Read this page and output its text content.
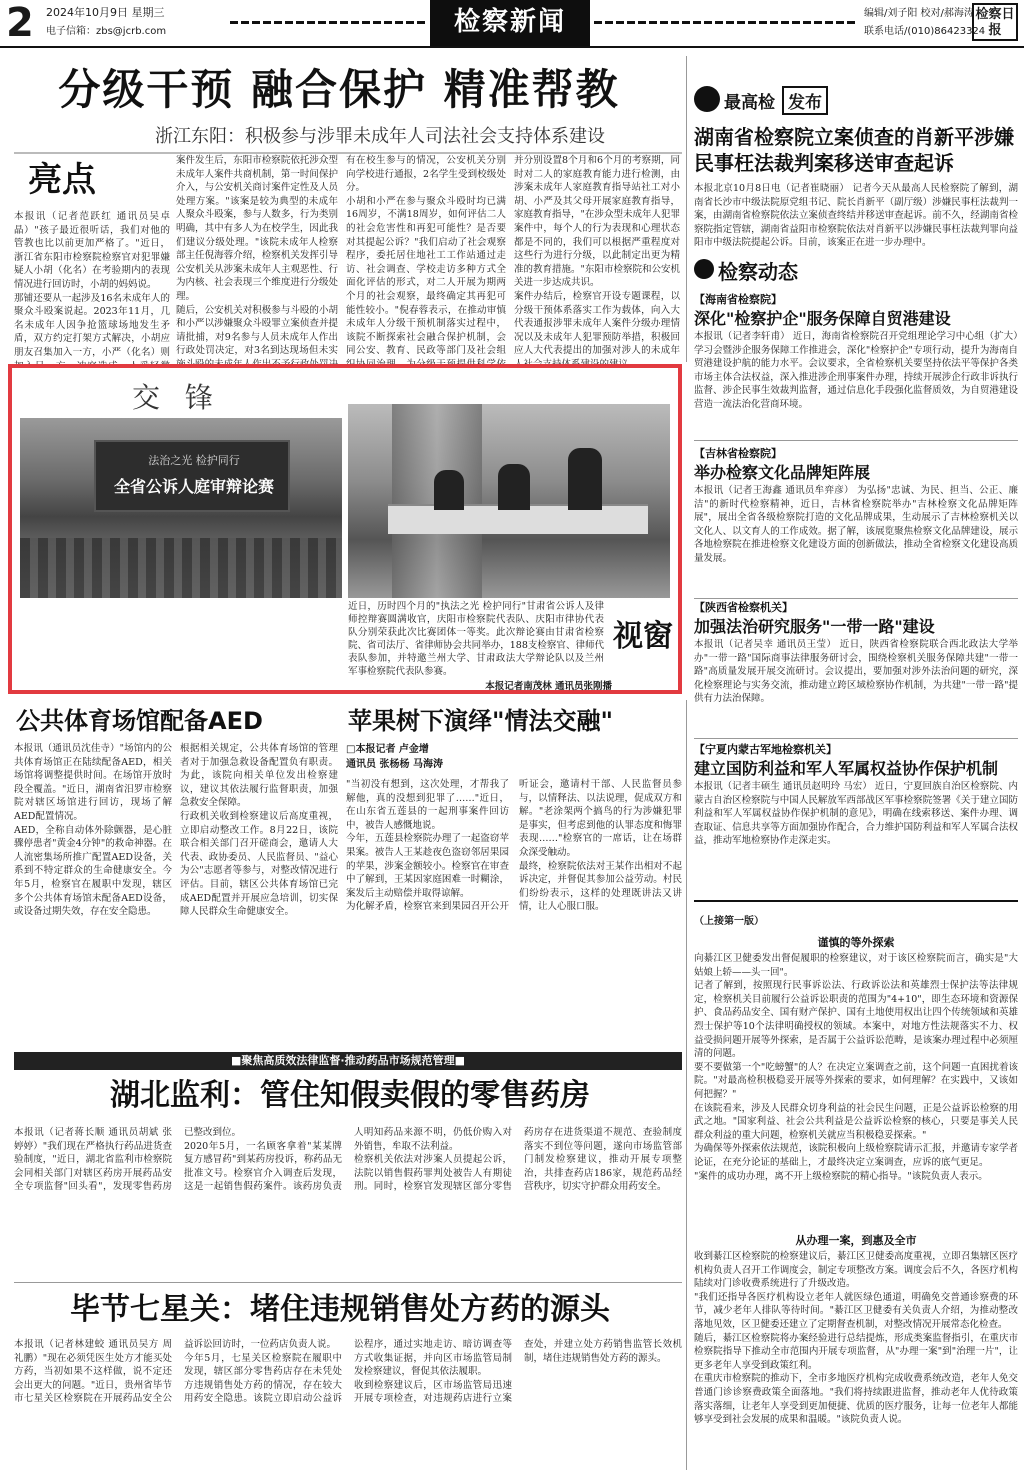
2 2024年10月9日 星期三
电子信箱：zbs@jcrb.com	检察新闻	编辑/刘子阳 校对/郝海涛
联系电话/(010)86423324
检察日报
分级干预 融合保护 精准帮教
浙江东阳：积极参与涉罪未成年人司法社会支持体系建设
亮点
本报讯（记者范跃红 通讯员吴卓晶）"孩子最近很听话，我们对他的管教也比以前更加严格了。"近日，浙江省东阳市检察院检察官对犯罪嫌疑人小胡（化名）在考验期内的表现情况进行回访时，小胡的妈妈说。
那铺还要从一起涉及16名未成年人的聚众斗殴案说起。2023年11月，几名未成年人因争抢篮球场地发生矛盾，双方约定打架方式解决，小胡应朋友召集加入一方，小严（化名）则
案件发生后，东阳市检察院依托涉众型未成年人案件共商机制，第一时间保护介入，与公安机关商讨案件定性及人员处理方案。"该案是较为典型的未成年人聚众斗殴案，参与人数多，行为类别明确，其中有多人为在校学生，因此我们建议分级处理。"该院未成年人检察部主任倪海蓉介绍，检察机关发挥引导公安机关从涉案未成年人主观恶性、行为内核、社会表现三个维度进行分级处理。
随后，公安机关对积极参与斗殴的小胡和小严以涉嫌聚众斗殴罪立案侦查并提请批捕，对9名参与人员未成年人作出行政处罚决定，对3名到达现场但未实
有在校生参与的情况，公安机关分别向学校进行通报，2名学生受到校级处分。
小胡和小严在参与聚众斗殴时均已满16周岁，不满18周岁，如何评估二人的社会危害性和再犯可能性？是否要对其提起公诉？"我们启动了社会观察程序，委托居住地社工工作站通过走访、社会调查、学校走访多种方式全面化评估的形式，对二人开展为期两个月的社会观察，最终确定其再犯可能性较小。"倪春蓉表示，在推动审慎未成年人分级干预机制落实过程中，该院不断探索社会融合保护机制，会同公安、教育、民政等部门及社会组

并分别设置8个月和6个月的考察期，同时对二人的家庭教育能力进行检测，由涉案未成年人家庭教育指导站社工对小胡、小严及其父母开展家庭教育指导，家庭教育指导，"在涉众型未成年人犯罪案件中，每个人的行为表现和心理状态都是不同的，我们可以根据严重程度对这些行为进行分级，以此制定出更为精准的教育措施。"东阳市检察院和公安机关进一步达成共识。
案件办结后，检察官开设专题课程，以分级干预体系落实工作为载体，向入大代表通报涉罪未成年人案件分级办理情况以及未成年人犯罪预防举措，积极回应人大代表提出的加强对涉人的未成年
最高检 发布
湖南省检察院立案侦查的肖新平涉嫌民事枉法裁判案移送审查起诉
本报北京10月8日电（记者崔晓丽） 记者今天从最高人民检察院了解到，湖南省长沙市中级法院原党组书记、院长肖新平（副厅级）涉嫌民事枉法裁判一案，由湖南省检察院依法立案侦查终结并移送审查起诉。前不久，经湖南省检察院指定管辖，湖南省益阳市检察院依法对肖新平以涉嫌民事枉法裁判罪向益阳市中级法院提起公诉。目前，该案正在进一步办理中。
检察动态
【海南省检察院】
深化"检察护企"服务保障自贸港建设
本报讯（记者李轩甫） 近日，海南省检察院召开党组理论学习中心组（扩大）学习会暨涉企服务保障工作推进会，深化"检察护企"专项行动，提升为海南自贸港建设护航的能力水平。会议要求，全省检察机关要坚持依法平等保护各类市场主体合法权益，深入推进涉企刑事案件办理，持续开展涉企行政非诉执行监督、涉企民事生效裁判监督，通过信息化手段强化监督质效，为自贸港建设营造一流法治化营商环境。
【吉林省检察院】
举办检察文化品牌矩阵展
本报讯（记者王海鑫 通讯员牟弈彦） 为弘扬"忠诚、为民、担当、公正、廉洁"的新时代检察精神，近日，吉林省检察院举办"吉林检察文化品牌矩阵展"，展出全省各级检察院打造的文化品牌成果，生动展示了吉林检察机关以文化人、以文育人的工作成效。据了解，该展览聚焦检察文化品牌建设，展示各地检察院在推进检察文化建设方面的创新做法，推动全省检察文化建设高质量发展。
【陕西省检察机关】
加强法治研究服务"一带一路"建设
本报讯（记者吴幸 通讯员王莹） 近日，陕西省检察院联合西北政法大学举办"一带一路"国际商事法律服务研讨会，围绕检察机关服务保障共建"一带一路"高质量发展开展交流研讨。会议提出，要加强对涉外法治问题的研究，深化检察理论与实务交流，推动建立跨区域检察协作机制，为共建"一带一路"提供有力法治保障。
【宁夏内蒙古军地检察机关】
建立国防利益和军人军属权益协作保护机制
本报讯（记者丰硕生 通讯员赵明玲 马宏） 近日，宁夏回族自治区检察院、内蒙古自治区检察院与中国人民解放军西部战区军事检察院签署《关于建立国防利益和军人军属权益协作保护机制的意见》，明确在线索移送、案件办理、调查取证、信息共享等方面加强协作配合，合力维护国防利益和军人军属合法权益，推动军地检察协作走深走实。
交 锋
法治之光 检护同行
全省公诉人庭审辩论赛
近日，历时四个月的"执法之光 检护同行"甘肃省公诉人及律师控辩赛圆满收官，庆阳市检察院代表队、庆阳市律协代表队分别荣获此次比赛团体一等奖。此次辩论赛由甘肃省检察院、省司法厅、省律师协会共同举办，188支检察官、律师代表队参加，并特邀兰州大学、甘肃政法大学辩论队以及兰州军事检察院代表队参赛。
本报记者南茂林 通讯员张刚播
视窗
公共体育场馆配备AED
本报讯（通讯员沈佳寺）"场馆内的公共体育场馆正在陆续配备AED，相关场馆将调整提供时间。在场馆开放时段全覆盖。"近日，湖南省汨罗市检察院对辖区场馆进行回访，现场了解AED配置情况。
AED，全称自动体外除颤器，是心脏骤停患者"黄金4分钟"的救命神器。在人流密集场所推广配置AED设备，关系到不特定群众的生命健康安全。今年5月，检察官在履职中发现，辖区多个公共体育场馆未配备AED设备，或设备过期失效，存在安全隐患。
根据相关规定，公共体育场馆的管理者对于加强急救设备配置负有职责。为此，该院向相关单位发出检察建议，建议其依法履行监督职责，加强急救安全保障。
行政机关收到检察建议后高度重视，立即启动整改工作。8月22日，该院联合相关部门召开磋商会，邀请人大代表、政协委员、人民监督员、"益心为公"志愿者等参与，对整改情况进行评估。目前，辖区公共体育场馆已完成AED配置并开展应急培训，切实保障人民群众生命健康安全。
苹果树下演绎"情法交融"
□本报记者 卢金增
通讯员 张杨杨 马海涛
"当初没有想到，这次处理，才帮我了解他，真的没想到犯罪了……"近日，在山东省五莲县的一起刑事案件回访中，被告人感慨地说。
今年，五莲县检察院办理了一起盗窃苹果案。被告人王某趁夜色盗窃邻居果园的苹果，涉案金额较小。检察官在审查中了解到，王某因家庭困难一时糊涂，案发后主动赔偿并取得谅解。
为化解矛盾，检察官来到果园召开公开听证会，邀请村干部、人民监督员参与，以情释法、以法说理，促成双方和解。"老涂架两个搞鸟的行为涉嫌犯罪是事实，但考虑到他的认罪态度和悔罪表现……"检察官的一席话，让在场群众深受触动。
最终，检察院依法对王某作出相对不起诉决定，并督促其参加公益劳动。村民们纷纷表示，这样的处理既讲法又讲情，让人心服口服。
■聚焦高质效法律监督·推动药品市场规范管理■
湖北监利：管住知假卖假的零售药房
本报讯（记者蒋长顺 通讯员胡斌 张婷婷）"我们现在严格执行药品进货查验制度，"近日，湖北省监利市检察院会同相关部门对辖区药房开展药品安全专项监督"回头看"，发现零售药房已整改到位。
2020年5月，一名顾客拿着"某某牌复方感冒药"到某药房投诉，称药品无批准文号。检察官介入调查后发现，这是一起销售假药案件。该药房负责人明知药品来源不明，仍低价购入对外销售，牟取不法利益。
检察机关依法对涉案人员提起公诉，法院以销售假药罪判处被告人有期徒刑。同时，检察官发现辖区部分零售药房存在进货渠道不规范、查验制度落实不到位等问题，遂向市场监管部门制发检察建议，推动开展专项整治，共排查药店186家，规范药品经营秩序，切实守护群众用药安全。
毕节七星关：堵住违规销售处方药的源头
本报讯（记者林建蛟 通讯员吴方 周礼鹏）"现在必须凭医生处方才能买处方药，当初如果不这样做，说不定还会出更大的问题。"近日，贵州省毕节市七星关区检察院在开展药品安全公益诉讼回访时，一位药店负责人说。
今年5月，七星关区检察院在履职中发现，辖区部分零售药店存在未凭处方违规销售处方药的情况，存在较大用药安全隐患。该院立即启动公益诉讼程序，通过实地走访、暗访调查等方式收集证据，并向区市场监管局制发检察建议，督促其依法履职。
收到检察建议后，区市场监管局迅速开展专项检查，对违规药店进行立案查处，并建立处方药销售监管长效机制，堵住违规销售处方药的源头。
（上接第一版）
谨慎的等外探索
向綦江区卫健委发出督促履职的检察建议，对于该区检察院而言，确实是"大姑娘上轿——头一回"。
记者了解到，按照现行民事诉讼法、行政诉讼法和英雄烈士保护法等法律规定，检察机关目前履行公益诉讼职责的范围为"4+10"，即生态环境和资源保护、食品药品安全、国有财产保护、国有土地使用权出让四个传统领域和英雄烈士保护等10个法律明确授权的领域。本案中，对地方性法规落实不力、权益受损问题开展等外探索，是否属于公益诉讼范畴，是该案办理过程中必须厘清的问题。
要不要做第一个"吃螃蟹"的人？在决定立案调查之前，这个问题一直困扰着该院。"对最高检积极稳妥开展等外探索的要求，如何理解？在实践中，又该如何把握？"
在该院看来，涉及人民群众切身利益的社会民生问题，正是公益诉讼检察的用武之地。"国家利益、社会公共利益是公益诉讼检察的核心，只要是事关人民群众利益的重大问题，检察机关就应当积极稳妥探索。"
为确保等外探索依法规范，该院积极向上级检察院请示汇报，并邀请专家学者论证，在充分论证的基础上，才最终决定立案调查，应诉的底气更足。
"案件的成功办理，离不开上级检察院的精心指导。"该院负责人表示。
从办理一案，到惠及全市
收到綦江区检察院的检察建议后，綦江区卫健委高度重视，立即召集辖区医疗机构负责人召开工作调度会，制定专项整改方案。调度会后不久，各医疗机构陆续对门诊收费系统进行了升级改造。
"我们还指导各医疗机构设立老年人就医绿色通道，明确免交普通诊察费的环节，减少老年人排队等待时间。"綦江区卫健委有关负责人介绍，为推动整改落地见效，区卫健委还建立了定期督查机制，对整改情况开展常态化检查。
随后，綦江区检察院将办案经验进行总结提炼，形成类案监督指引，在重庆市检察院指导下推动全市范围内开展专项监督，从"办理一案"到"治理一片"，让更多老年人享受到政策红利。
在重庆市检察院的推动下，全市多地医疗机构完成收费系统改造，老年人免交普通门诊诊察费政策全面落地。"我们将持续跟进监督，推动老年人优待政策落实落细，让老年人享受到更加便捷、优质的医疗服务，让每一位老年人都能够享受到社会发展的成果和温暖。"该院负责人说。
